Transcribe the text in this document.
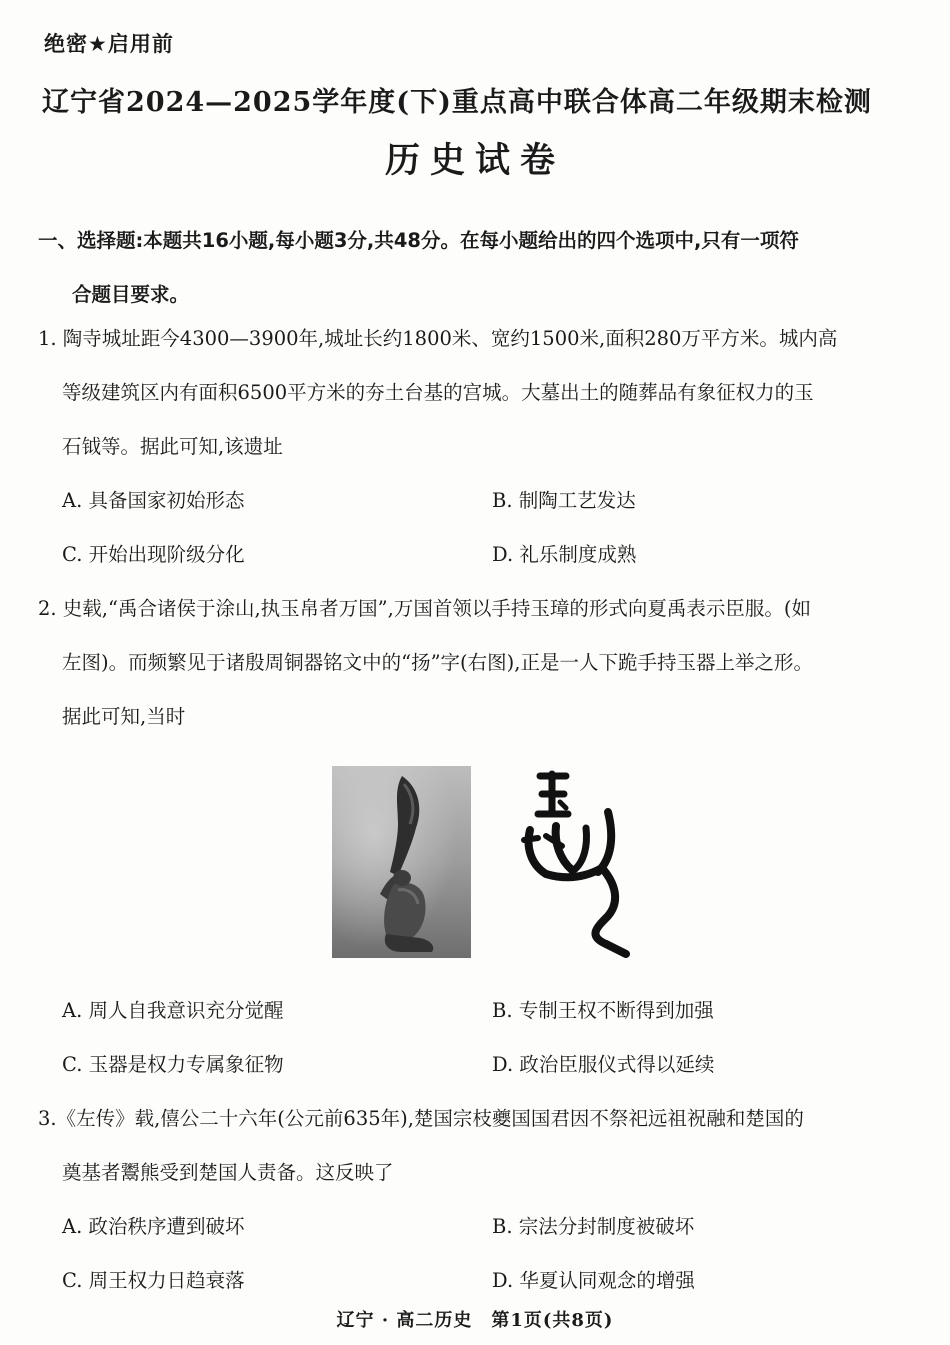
绝密★启用前
辽宁省2024—2025学年度(下)重点高中联合体高二年级期末检测
历史试卷
一、选择题:本题共16小题,每小题3分,共48分。在每小题给出的四个选项中,只有一项符
合题目要求。
1. 陶寺城址距今4300—3900年,城址长约1800米、宽约1500米,面积280万平方米。城内高
等级建筑区内有面积6500平方米的夯土台基的宫城。大墓出土的随葬品有象征权力的玉
石钺等。据此可知,该遗址
A. 具备国家初始形态	B. 制陶工艺发达
C. 开始出现阶级分化	D. 礼乐制度成熟
2. 史载,“禹合诸侯于涂山,执玉帛者万国”,万国首领以手持玉璋的形式向夏禹表示臣服。(如
左图)。而频繁见于诸殷周铜器铭文中的“扬”字(右图),正是一人下跪手持玉器上举之形。
据此可知,当时
A. 周人自我意识充分觉醒	B. 专制王权不断得到加强
C. 玉器是权力专属象征物	D. 政治臣服仪式得以延续
3.《左传》载,僖公二十六年(公元前635年),楚国宗枝夔国国君因不祭祀远祖祝融和楚国的
奠基者鬻熊受到楚国人责备。这反映了
A. 政治秩序遭到破坏	B. 宗法分封制度被破坏
C. 周王权力日趋衰落	D. 华夏认同观念的增强
辽宁 · 高二历史　第1页(共8页)
